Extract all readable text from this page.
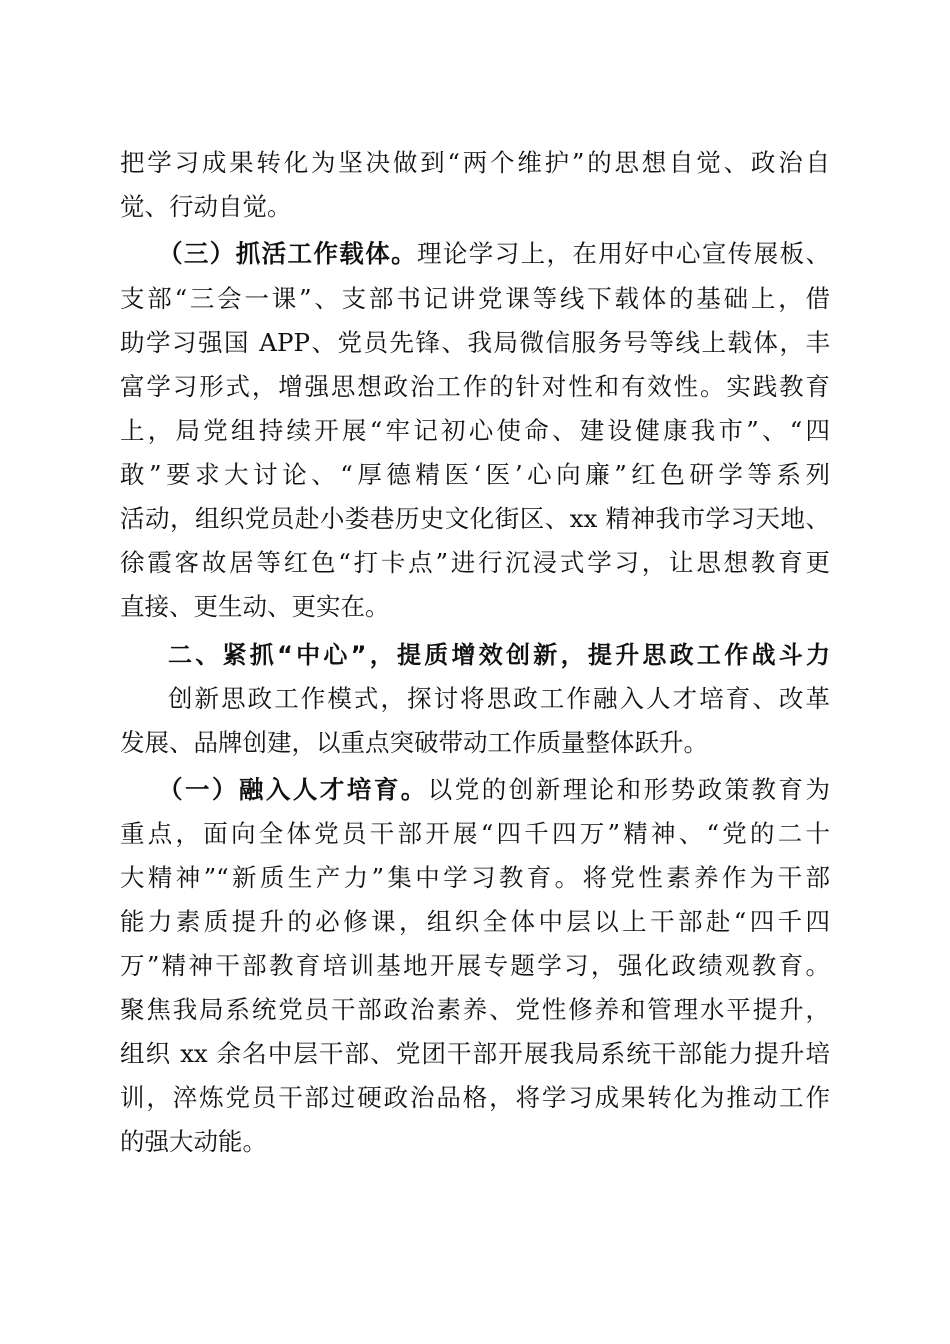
把学习成果转化为坚决做到“两个维护”的思想自觉、政治自
觉、行动自觉。
（三）抓活工作载体。理论学习上，在用好中心宣传展板、
支部“三会一课”、支部书记讲党课等线下载体的基础上，借
助学习强国 APP、党员先锋、我局微信服务号等线上载体，丰
富学习形式，增强思想政治工作的针对性和有效性。实践教育
上，局党组持续开展“牢记初心使命、建设健康我市”、“四
敢”要求大讨论、“厚德精医‘医’心向廉”红色研学等系列
活动，组织党员赴小娄巷历史文化街区、xx 精神我市学习天地、
徐霞客故居等红色“打卡点”进行沉浸式学习，让思想教育更
直接、更生动、更实在。
二、紧抓“中心”，提质增效创新，提升思政工作战斗力
创新思政工作模式，探讨将思政工作融入人才培育、改革
发展、品牌创建，以重点突破带动工作质量整体跃升。
（一）融入人才培育。以党的创新理论和形势政策教育为
重点，面向全体党员干部开展“四千四万”精神、“党的二十
大精神”“新质生产力”集中学习教育。将党性素养作为干部
能力素质提升的必修课，组织全体中层以上干部赴“四千四
万”精神干部教育培训基地开展专题学习，强化政绩观教育。
聚焦我局系统党员干部政治素养、党性修养和管理水平提升，
组织 xx 余名中层干部、党团干部开展我局系统干部能力提升培
训，淬炼党员干部过硬政治品格，将学习成果转化为推动工作
的强大动能。
